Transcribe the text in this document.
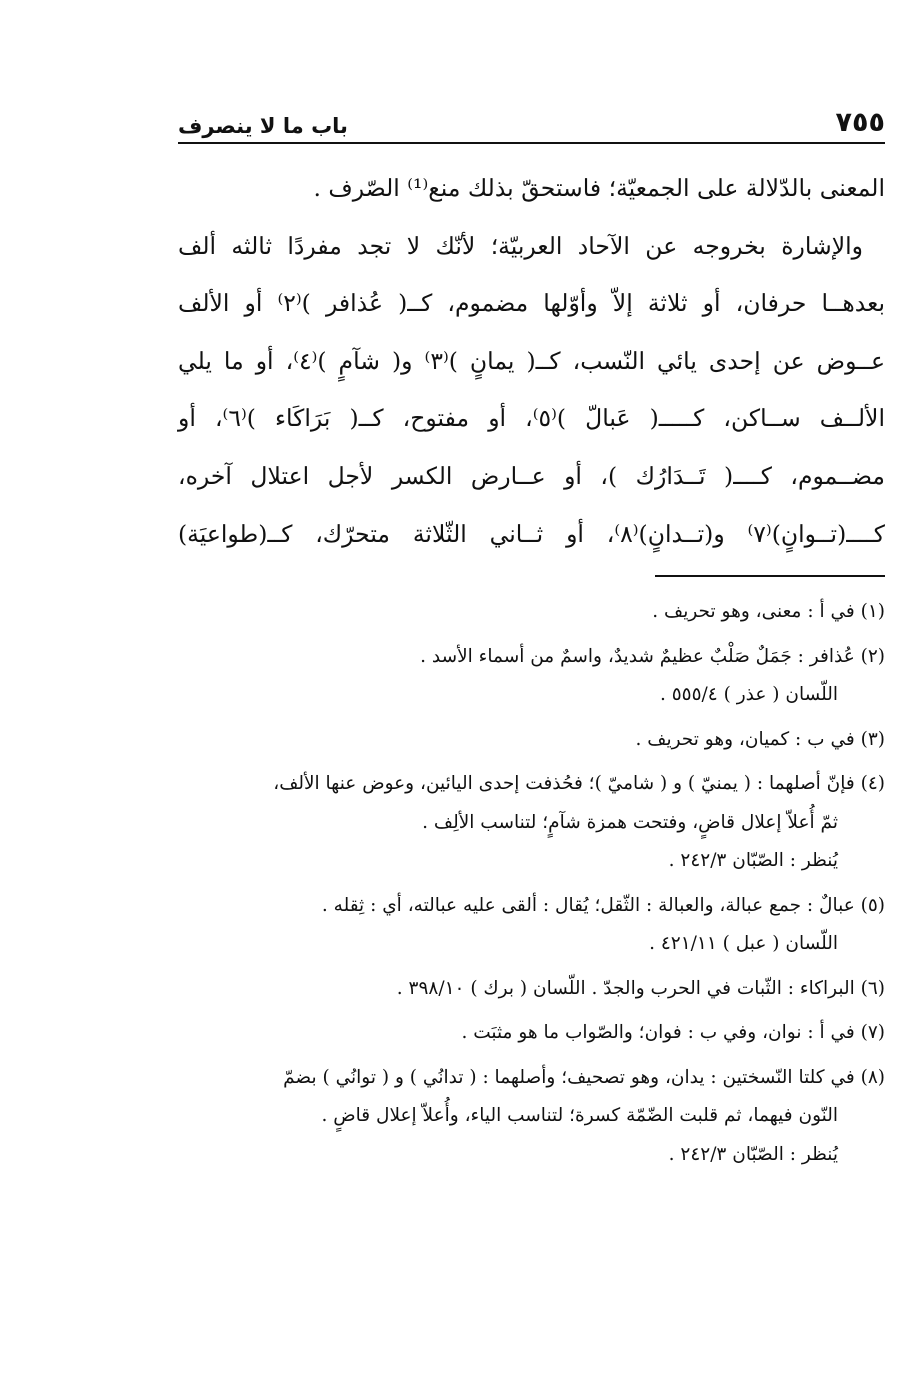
٧٥٥
باب ما لا ينصرف
المعنى بالدّلالة على الجمعيّة؛ فاستحقّ بذلك منع⁽¹⁾ الصّرف .
والإشارة بخروجه عن الآحاد العربيّة؛ لأنّك لا تجد مفردًا ثالثه ألف
بعدهــا حرفان، أو ثلاثة إلاّ وأوّلها مضموم، كــ( عُذافر )⁽٢⁾ أو الألف
عــوض عن إحدى يائي النّسب، كــ( يمانٍ )⁽٣⁾ و( شآمٍ )⁽٤⁾، أو ما يلي
الألــف ســاكن، كـــــ( عَبالّ )⁽٥⁾، أو مفتوح، كــ( بَرَاكَاء )⁽٦⁾، أو
مضــموم، كــــ( تَــدَارُك )، أو عــارض الكسر لأجل اعتلال آخره،
كــــ(تــوانٍ)⁽٧⁾ و(تــدانٍ)⁽٨⁾، أو ثــاني الثّلاثة متحرّك، كــ(طواعيَة)
(١) في أ : معنى، وهو تحريف .
(٢) عُذافر : جَمَلٌ صَلْبٌ عظيمٌ شديدٌ، واسمٌ من أسماء الأسد .
اللّسان ( عذر ) ٥٥٥/٤ .
(٣) في ب : كميان، وهو تحريف .
(٤) فإنّ أصلهما : ( يمنيّ ) و ( شاميّ )؛ فحُذفت إحدى اليائين، وعوض عنها الألف،
ثمّ أُعلاّ إعلال قاضٍ، وفتحت همزة شآمٍ؛ لتناسب الألِف .
يُنظر : الصّبّان ٢٤٢/٣ .
(٥) عبالٌ : جمع عبالة، والعبالة : الثّقل؛ يُقال : ألقى عليه عبالته، أي : ثِقله .
اللّسان ( عبل ) ٤٢١/١١ .
(٦) البراكاء : الثّبات في الحرب والجدّ . اللّسان ( برك ) ٣٩٨/١٠ .
(٧) في أ : نوان، وفي ب : فوان؛ والصّواب ما هو مثبَت .
(٨) في كلتا النّسختين : يدان، وهو تصحيف؛ وأصلهما : ( تدانُي ) و ( توانُي ) بضمّ
النّون فيهما، ثم قلبت الضّمّة كسرة؛ لتناسب الياء، وأُعلاّ إعلال قاضٍ .
يُنظر : الصّبّان ٢٤٢/٣ .
